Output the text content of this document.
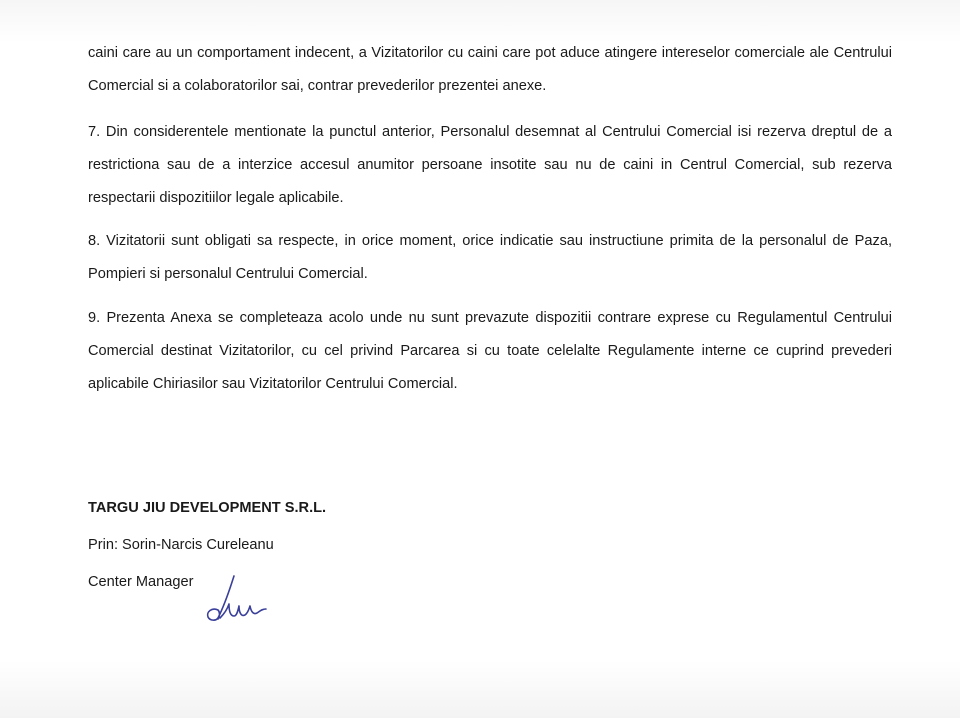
caini care au un comportament indecent, a Vizitatorilor cu caini care pot aduce atingere intereselor comerciale ale Centrului Comercial si a colaboratorilor sai, contrar prevederilor prezentei anexe.

7. Din considerentele mentionate la punctul anterior, Personalul desemnat al Centrului Comercial isi rezerva dreptul de a restrictiona sau de a interzice accesul anumitor persoane insotite sau nu de caini in Centrul Comercial, sub rezerva respectarii dispozitiilor legale aplicabile.

8. Vizitatorii sunt obligati sa respecte, in orice moment, orice indicatie sau instructiune primita de la personalul de Paza, Pompieri si personalul Centrului Comercial.

9. Prezenta Anexa se completeaza acolo unde nu sunt prevazute dispozitii contrare exprese cu Regulamentul Centrului Comercial destinat Vizitatorilor, cu cel privind Parcarea si cu toate celelalte Regulamente interne ce cuprind prevederi aplicabile Chiriasilor sau Vizitatorilor Centrului Comercial.

TARGU JIU DEVELOPMENT S.R.L.
Prin: Sorin-Narcis Cureleanu
Center Manager
